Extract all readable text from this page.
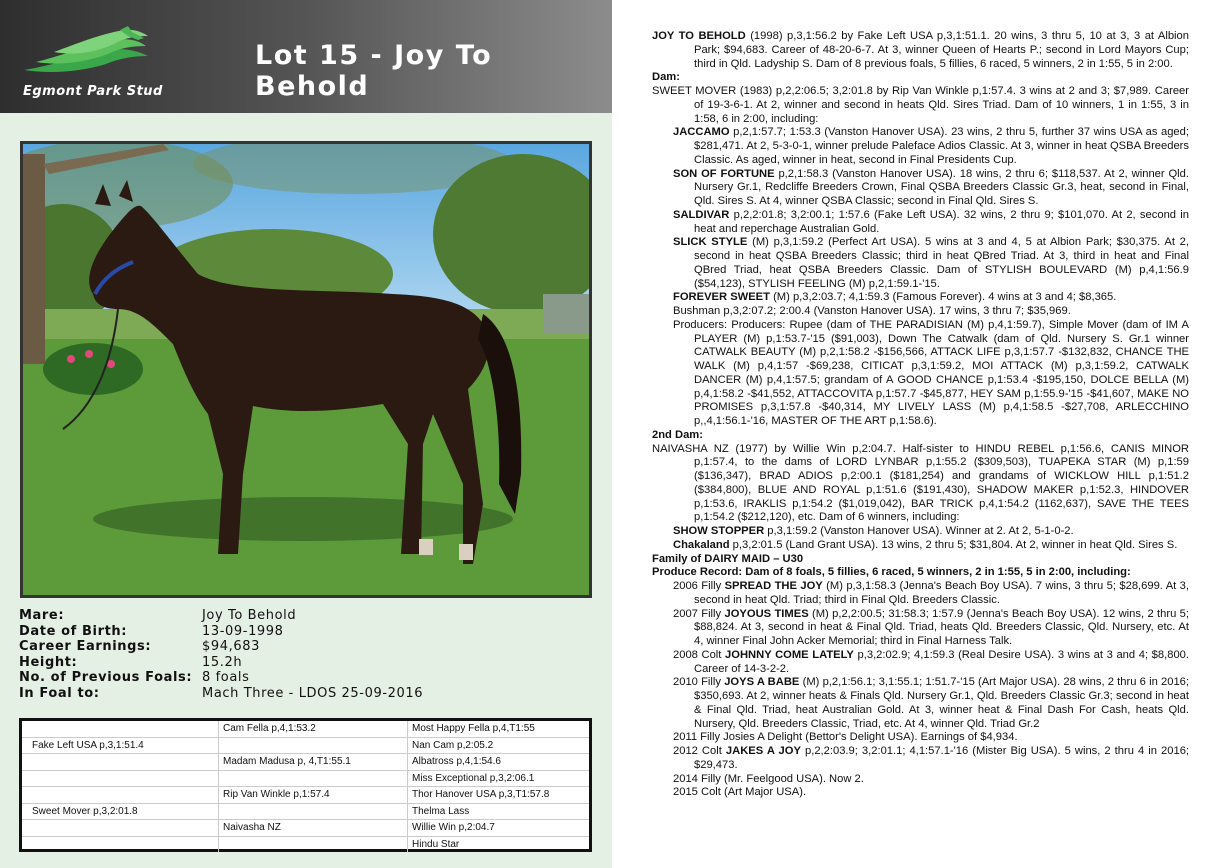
Egmont Park Stud
Lot 15 - Joy To Behold
Mare:	Joy To Behold
Date of Birth:	13-09-1998
Career Earnings:	$94,683
Height:	15.2h
No. of Previous Foals: 8 foals
In Foal to:	Mach Three - LDOS 25-09-2016
	Cam Fella p,4,1:53.2	Most Happy Fella p,4,T1:55
Fake Left USA p,3,1:51.4		Nan Cam p,2:05.2
	Madam Madusa p, 4,T1:55.1	Albatross p,4,1:54.6
		Miss Exceptional p,3,2:06.1
	Rip Van Winkle p,1:57.4	Thor Hanover USA p,3,T1:57.8
Sweet Mover p,3,2:01.8		Thelma Lass
	Naivasha NZ	Willie Win p,2:04.7
		Hindu Star

JOY TO BEHOLD (1998) p,3,1:56.2 by Fake Left USA p,3,1:51.1. 20 wins, 3 thru 5, 10 at 3, 3 at Albion Park; $94,683. Career of 48-20-6-7. At 3, winner Queen of Hearts P.; second in Lord Mayors Cup; third in Qld. Ladyship S. Dam of 8 previous foals, 5 fillies, 6 raced, 5 winners, 2 in 1:55, 5 in 2:00.

Dam:

SWEET MOVER (1983) p,2,2:06.5; 3,2:01.8 by Rip Van Winkle p,1:57.4. 3 wins at 2 and 3; $7,989. Career of 19-3-6-1. At 2, winner and second in heats Qld. Sires Triad. Dam of 10 winners, 1 in 1:55, 3 in 1:58, 6 in 2:00, including:

JACCAMO p,2,1:57.7; 1:53.3 (Vanston Hanover USA). 23 wins, 2 thru 5, further 37 wins USA as aged; $281,471. At 2, 5-3-0-1, winner prelude Paleface Adios Classic. At 3, winner in heat QSBA Breeders Classic. As aged, winner in heat, second in Final Presidents Cup.

SON OF FORTUNE p,2,1:58.3 (Vanston Hanover USA). 18 wins, 2 thru 6; $118,537. At 2, winner Qld. Nursery Gr.1, Redcliffe Breeders Crown, Final QSBA Breeders Classic Gr.3, heat, second in Final, Qld. Sires S. At 4, winner QSBA Classic; second in Final Qld. Sires S.

SALDIVAR p,2,2:01.8; 3,2:00.1; 1:57.6 (Fake Left USA). 32 wins, 2 thru 9; $101,070. At 2, second in heat and reperchage Australian Gold.

SLICK STYLE (M) p,3,1:59.2 (Perfect Art USA). 5 wins at 3 and 4, 5 at Albion Park; $30,375. At 2, second in heat QSBA Breeders Classic; third in heat QBred Triad. At 3, third in heat and Final QBred Triad, heat QSBA Breeders Classic. Dam of STYLISH BOULEVARD (M) p,4,1:56.9 ($54,123), STYLISH FEELING (M) p,2,1:59.1-'15.

FOREVER SWEET (M) p,3,2:03.7; 4,1:59.3 (Famous Forever). 4 wins at 3 and 4; $8,365.

Bushman p,3,2:07.2; 2:00.4 (Vanston Hanover USA). 17 wins, 3 thru 7; $35,969.

Producers: Producers: Rupee (dam of THE PARADISIAN (M) p,4,1:59.7), Simple Mover (dam of IM A PLAYER (M) p,1:53.7-'15 ($91,003), Down The Catwalk (dam of Qld. Nursery S. Gr.1 winner CATWALK BEAUTY (M) p,2,1:58.2 -$156,566, ATTACK LIFE p,3,1:57.7 -$132,832, CHANCE THE WALK (M) p,4,1:57 -$69,238, CITICAT p,3,1:59.2, MOI ATTACK (M) p,3,1:59.2, CATWALK DANCER (M) p,4,1:57.5; grandam of A GOOD CHANCE p,1:53.4 -$195,150, DOLCE BELLA (M) p,4,1:58.2 -$41,552, ATTACCOVITA p,1:57.7 -$45,877, HEY SAM p,1:55.9-'15 -$41,607, MAKE NO PROMISES p,3,1:57.8 -$40,314, MY LIVELY LASS (M) p,4,1:58.5 -$27,708, ARLECCHINO p,,4,1:56.1-'16, MASTER OF THE ART p,1:58.6).

2nd Dam:

NAIVASHA NZ (1977) by Willie Win p,2:04.7. Half-sister to HINDU REBEL p,1:56.6, CANIS MINOR p,1:57.4, to the dams of LORD LYNBAR p,1:55.2 ($309,503), TUAPEKA STAR (M) p,1:59 ($136,347), BRAD ADIOS p,2:00.1 ($181,254) and grandams of WICKLOW HILL p,1:51.2 ($384,800), BLUE AND ROYAL p,1:51.6 ($191,430), SHADOW MAKER p,1:52.3, HINDOVER p,1:53.6, IRAKLIS p,1:54.2 ($1,019,042), BAR TRICK p,4,1:54.2 (1162,637), SAVE THE TEES p,1:54.2 ($212,120), etc. Dam of 6 winners, including:

SHOW STOPPER p,3,1:59.2 (Vanston Hanover USA). Winner at 2. At 2, 5-1-0-2.

Chakaland p,3,2:01.5 (Land Grant USA). 13 wins, 2 thru 5; $31,804. At 2, winner in heat Qld. Sires S.

Family of DAIRY MAID – U30

Produce Record: Dam of 8 foals, 5 fillies, 6 raced, 5 winners, 2 in 1:55, 5 in 2:00, including:

2006 Filly SPREAD THE JOY (M) p,3,1:58.3 (Jenna's Beach Boy USA). 7 wins, 3 thru 5; $28,699. At 3, second in heat Qld. Triad; third in Final Qld. Breeders Classic.

2007 Filly JOYOUS TIMES (M) p,2,2:00.5; 31:58.3; 1:57.9 (Jenna's Beach Boy USA). 12 wins, 2 thru 5; $88,824. At 3, second in heat & Final Qld. Triad, heats Qld. Breeders Classic, Qld. Nursery, etc. At 4, winner Final John Acker Memorial; third in Final Harness Talk.

2008 Colt JOHNNY COME LATELY p,3,2:02.9; 4,1:59.3 (Real Desire USA). 3 wins at 3 and 4; $8,800. Career of 14-3-2-2.

2010 Filly JOYS A BABE (M) p,2,1:56.1; 3,1:55.1; 1:51.7-'15 (Art Major USA). 28 wins, 2 thru 6 in 2016; $350,693. At 2, winner heats & Finals Qld. Nursery Gr.1, Qld. Breeders Classic Gr.3; second in heat & Final Qld. Triad, heat Australian Gold. At 3, winner heat & Final Dash For Cash, heats Qld. Nursery, Qld. Breeders Classic, Triad, etc. At 4, winner Qld. Triad Gr.2

2011 Filly Josies A Delight (Bettor's Delight USA). Earnings of $4,934.

2012 Colt JAKES A JOY p,2,2:03.9; 3,2:01.1; 4,1:57.1-'16 (Mister Big USA). 5 wins, 2 thru 4 in 2016; $29,473.

2014 Filly (Mr. Feelgood USA). Now 2.

2015 Colt (Art Major USA).
